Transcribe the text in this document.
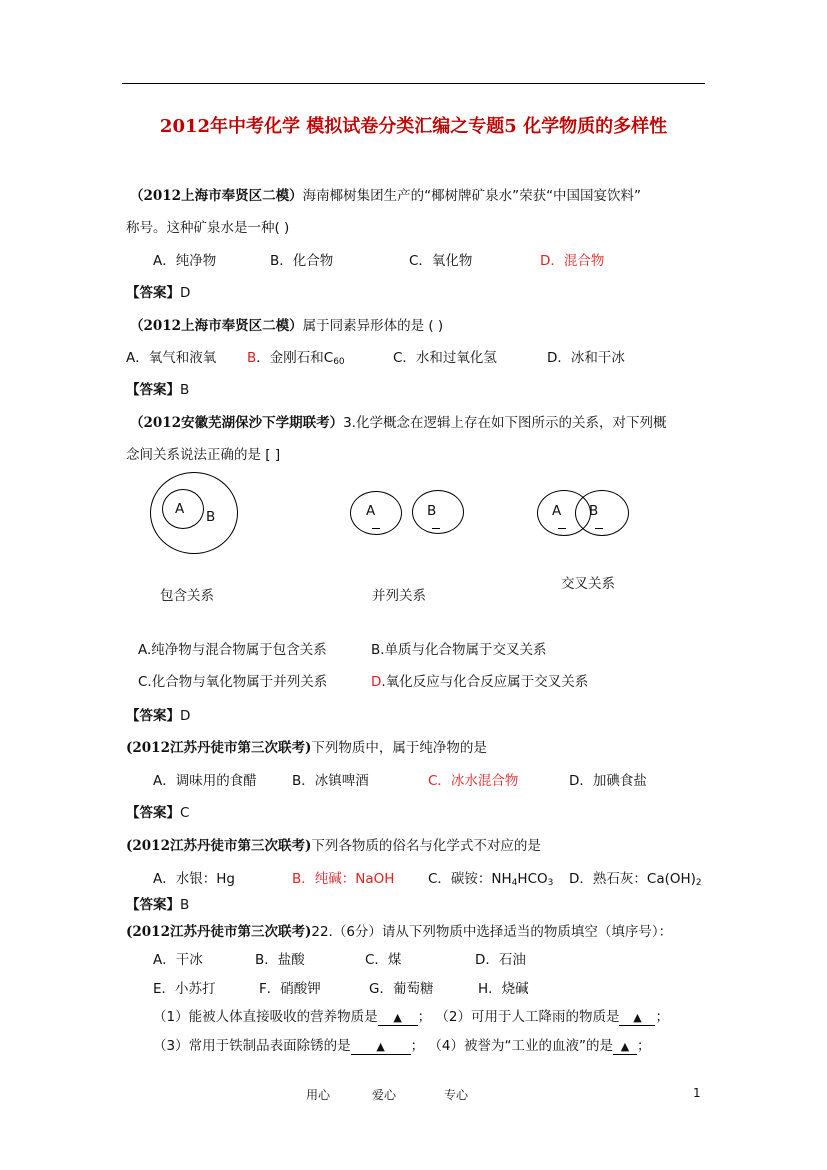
2012年中考化学 模拟试卷分类汇编之专题5 化学物质的多样性
（2012上海市奉贤区二模）海南椰树集团生产的“椰树牌矿泉水”荣获“中国国宴饮料”
称号。这种矿泉水是一种( )
A．纯净物	B．化合物	C．氧化物	D．混合物
【答案】D
（2012上海市奉贤区二模）属于同素异形体的是 ( )
A．氧气和液氧 B．金刚石和$C_{60}$	C．水和过氧化氢	D．冰和干冰
【答案】B
（2012安徽芜湖保沙下学期联考）3.化学概念在逻辑上存在如下图所示的关系，对下列概
念间关系说法正确的是 [ ]
A B
包含关系
A	B
并列关系
A B
交叉关系
A.纯净物与混合物属于包含关系	B.单质与化合物属于交叉关系
C.化合物与氧化物属于并列关系	D.氧化反应与化合反应属于交叉关系
【答案】D
(2012江苏丹徒市第三次联考)下列物质中，属于纯净物的是
A．调味用的食醋	B．冰镇啤酒	C．冰水混合物	D．加碘食盐
【答案】C
(2012江苏丹徒市第三次联考)下列各物质的俗名与化学式不对应的是
A．水银：Hg	B．纯碱：NaOH C．碳铵：$NH_4HCO_3$ D．熟石灰：$Ca(OH)_2$
【答案】B
(2012江苏丹徒市第三次联考)22.（6分）请从下列物质中选择适当的物质填空（填序号）：
A．干冰	B．盐酸	C．煤	D．石油
E．小苏打	F．硝酸钾	G．葡萄糖	H．烧碱
（1）能被人体直接吸收的营养物质是 ▲ ； （2）可用于人工降雨的物质是 ▲ ；
（3）常用于铁制品表面除锈的是 ▲ ； （4）被誉为“工业的血液”的是 ▲ ；
用心	爱心	专心	1
